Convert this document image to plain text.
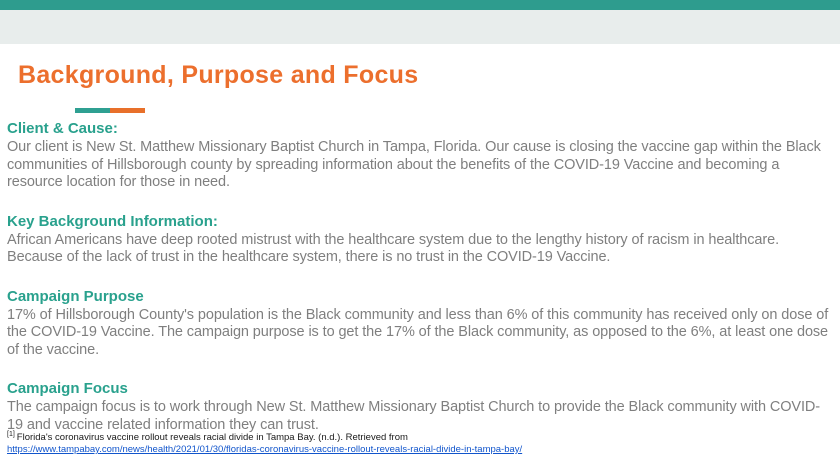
Background, Purpose and Focus
Client & Cause:
Our client is New St. Matthew Missionary Baptist Church in Tampa, Florida. Our cause is closing the vaccine gap within the Black communities of Hillsborough county by spreading information about the benefits of the COVID-19 Vaccine and becoming a resource location for those in need.
Key Background Information:
African Americans have deep rooted mistrust with the healthcare system due to the lengthy history of racism in healthcare. Because of the lack of trust in the healthcare system, there is no trust in the COVID-19 Vaccine.
Campaign Purpose
17% of Hillsborough County's population is the Black community and less than 6% of this community has received only on dose of the COVID-19 Vaccine. The campaign purpose is to get the 17% of the Black community, as opposed to the 6%, at least one dose of the vaccine.
Campaign Focus
The campaign focus is to work through New St. Matthew Missionary Baptist Church to provide the Black community with COVID-19 and vaccine related information they can trust.
[1] Florida's coronavirus vaccine rollout reveals racial divide in Tampa Bay. (n.d.). Retrieved from
https://www.tampabay.com/news/health/2021/01/30/floridas-coronavirus-vaccine-rollout-reveals-racial-divide-in-tampa-bay/
